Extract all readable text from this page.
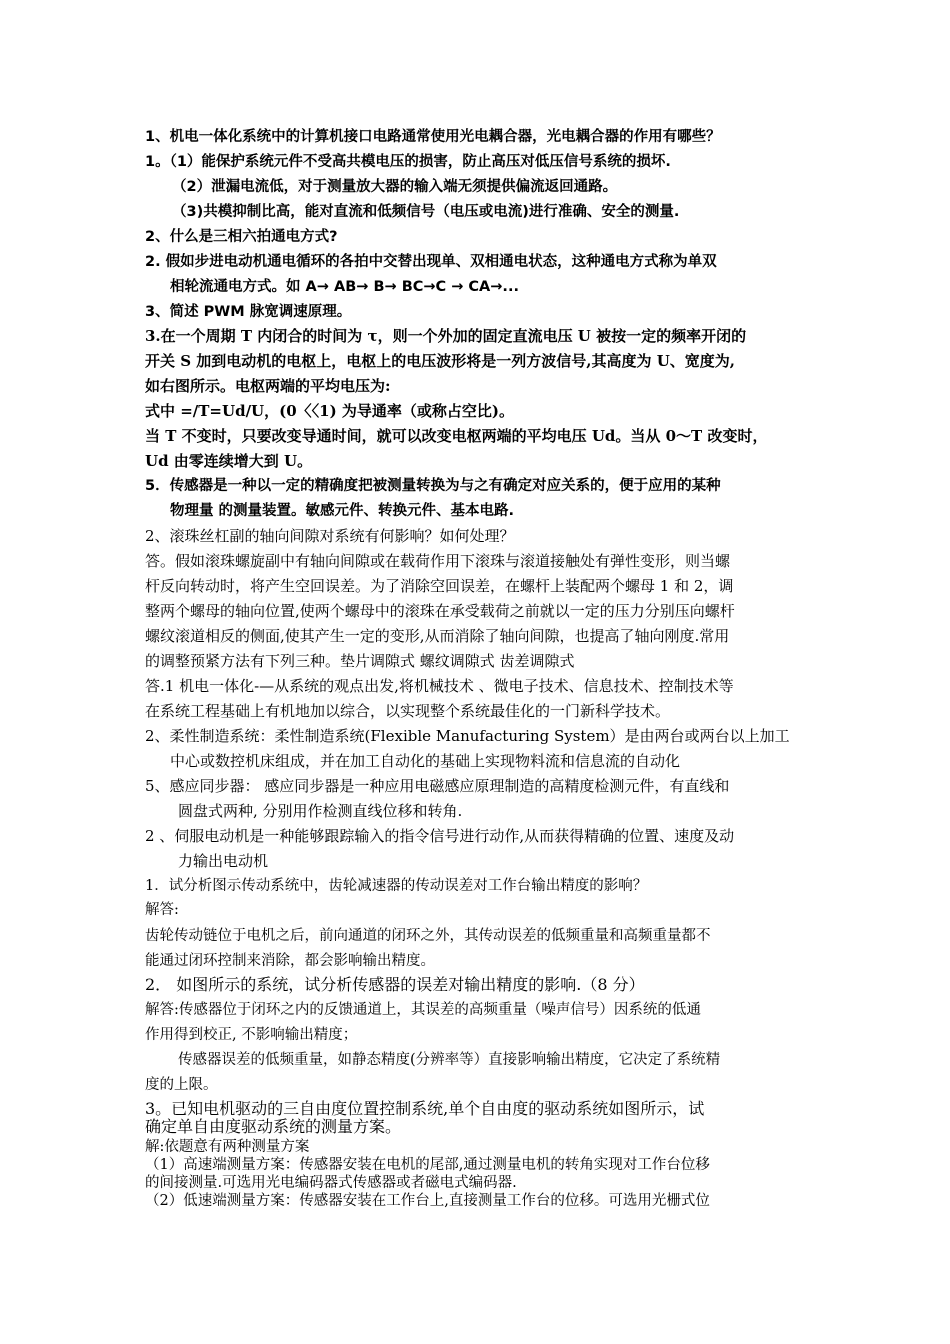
1、机电一体化系统中的计算机接口电路通常使用光电耦合器，光电耦合器的作用有哪些？
1。（1）能保护系统元件不受高共模电压的损害，防止高压对低压信号系统的损坏.
（2）泄漏电流低，对于测量放大器的输入端无须提供偏流返回通路。
（3)共模抑制比高，能对直流和低频信号（电压或电流)进行准确、安全的测量.
2、什么是三相六拍通电方式?
2. 假如步进电动机通电循环的各拍中交替出现单、双相通电状态，这种通电方式称为单双
相轮流通电方式。如 A→ AB→ B→ BC→C → CA→...
3、简述 PWM 脉宽调速原理。
3.在一个周期 T 内闭合的时间为 τ，则一个外加的固定直流电压 U 被按一定的频率开闭的
开关 S 加到电动机的电枢上，电枢上的电压波形将是一列方波信号,其高度为 U、宽度为,
如右图所示。电枢两端的平均电压为:
式中 =/T=Ud/U，(0〈〈1) 为导通率（或称占空比)。
当 T 不变时，只要改变导通时间，就可以改变电枢两端的平均电压 Ud。当从 0～T 改变时，
Ud 由零连续增大到 U。
5．传感器是一种以一定的精确度把被测量转换为与之有确定对应关系的，便于应用的某种
物理量 的测量装置。敏感元件、转换元件、基本电路.
2、滚珠丝杠副的轴向间隙对系统有何影响？如何处理？
答。假如滚珠螺旋副中有轴向间隙或在载荷作用下滚珠与滚道接触处有弹性变形，则当螺
杆反向转动时，将产生空回误差。为了消除空回误差，在螺杆上装配两个螺母 1 和 2，调
整两个螺母的轴向位置,使两个螺母中的滚珠在承受载荷之前就以一定的压力分别压向螺杆
螺纹滚道相反的侧面,使其产生一定的变形,从而消除了轴向间隙，也提高了轴向刚度.常用
的调整预紧方法有下列三种。垫片调隙式 螺纹调隙式 齿差调隙式
答.1 机电一体化-—从系统的观点出发,将机械技术 、微电子技术、信息技术、控制技术等
在系统工程基础上有机地加以综合，以实现整个系统最佳化的一门新科学技术。
2、柔性制造系统：柔性制造系统(Flexible Manufacturing System）是由两台或两台以上加工
中心或数控机床组成，并在加工自动化的基础上实现物料流和信息流的自动化
5、感应同步器： 感应同步器是一种应用电磁感应原理制造的高精度检测元件，有直线和
圆盘式两种, 分别用作检测直线位移和转角.
2 、伺服电动机是一种能够跟踪输入的指令信号进行动作,从而获得精确的位置、速度及动
力输出电动机
1．试分析图示传动系统中，齿轮减速器的传动误差对工作台输出精度的影响？
解答:
齿轮传动链位于电机之后，前向通道的闭环之外，其传动误差的低频重量和高频重量都不
能通过闭环控制来消除，都会影响输出精度。
2． 如图所示的系统，试分析传感器的误差对输出精度的影响.（8 分）
解答:传感器位于闭环之内的反馈通道上，其误差的高频重量（噪声信号）因系统的低通
作用得到校正, 不影响输出精度；
传感器误差的低频重量，如静态精度(分辨率等）直接影响输出精度，它决定了系统精
度的上限。
3。已知电机驱动的三自由度位置控制系统,单个自由度的驱动系统如图所示，试
确定单自由度驱动系统的测量方案。
解:依题意有两种测量方案
（1）高速端测量方案：传感器安装在电机的尾部,通过测量电机的转角实现对工作台位移
的间接测量.可选用光电编码器式传感器或者磁电式编码器.
（2）低速端测量方案：传感器安装在工作台上,直接测量工作台的位移。可选用光栅式位
